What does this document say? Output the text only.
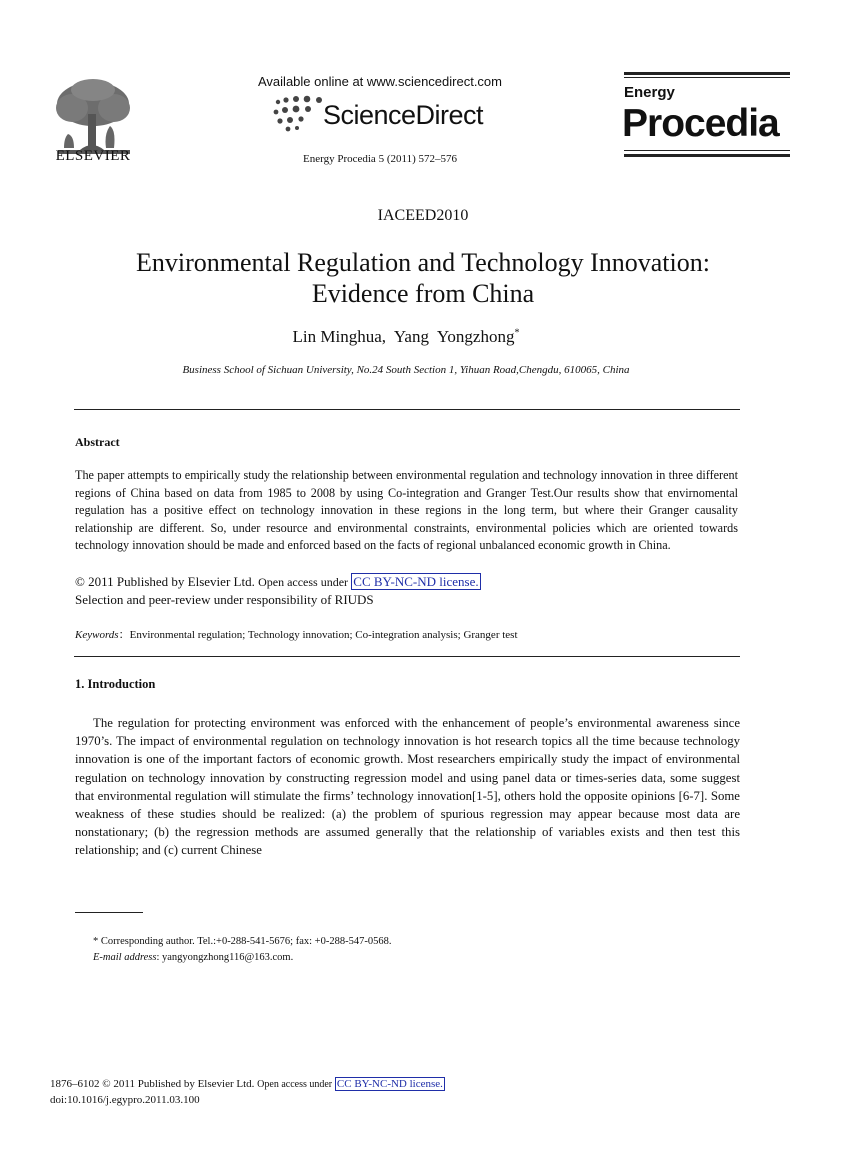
ELSEVIER
Available online at www.sciencedirect.com
ScienceDirect
Energy Procedia 5 (2011) 572–576
Energy
Procedia
IACEED2010
Environmental Regulation and Technology Innovation:
Evidence from China
Lin Minghua,  Yang  Yongzhong*
Business School of Sichuan University, No.24 South Section 1, Yihuan Road,Chengdu, 610065, China
Abstract
The paper attempts to empirically study the relationship between environmental regulation and technology innovation in three different regions of China based on data from 1985 to 2008 by using Co-integration and Granger Test.Our results show that envirnomental regulation has a positive effect on technology innovation in these regions in the long term, but where their Granger causality relationship are different. So, under resource and environmental constraints, environmental policies which are oriented towards technology innovation should be made and enforced based on the facts of regional unbalanced economic growth in China.
© 2011 Published by Elsevier Ltd. Open access under CC BY-NC-ND license.
Selection and peer-review under responsibility of RIUDS
Keywords：Environmental regulation; Technology innovation; Co-integration analysis; Granger test
1. Introduction
The regulation for protecting environment was enforced with the enhancement of people’s environmental awareness since 1970’s. The impact of environmental regulation on technology innovation is hot research topics all the time because technology innovation is one of the important factors of economic growth. Most researchers empirically study the impact of environmental regulation on technology innovation by constructing regression model and using panel data or times-series data, some suggest that environmental regulation will stimulate the firms’ technology innovation[1-5], others hold the opposite opinions [6-7]. Some weakness of these studies should be realized: (a) the problem of spurious regression may appear because most data are nonstationary; (b) the regression methods are assumed generally that the relationship of variables exists and then test this relationship; and (c) current Chinese
* Corresponding author. Tel.:+0-288-541-5676; fax: +0-288-547-0568.
E-mail address: yangyongzhong116@163.com.
1876–6102 © 2011 Published by Elsevier Ltd. Open access under CC BY-NC-ND license.
doi:10.1016/j.egypro.2011.03.100
